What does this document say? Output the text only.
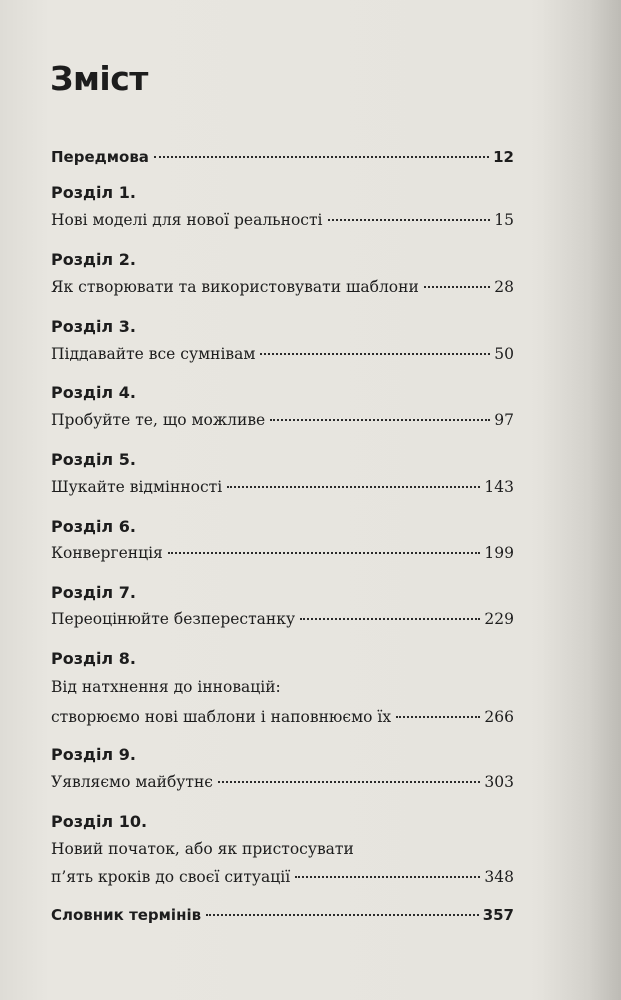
Зміст
Передмова	12
Розділ 1.
Нові моделі для нової реальності	15
Розділ 2.
Як створювати та використовувати шаблони	28
Розділ 3.
Піддавайте все сумнівам	50
Розділ 4.
Пробуйте те, що можливе	97
Розділ 5.
Шукайте відмінності	143
Розділ 6.
Конвергенція	199
Розділ 7.
Переоцінюйте безперестанку	229
Розділ 8.
Від натхнення до інновацій:
створюємо нові шаблони і наповнюємо їх	266
Розділ 9.
Уявляємо майбутнє	303
Розділ 10.
Новий початок, або як пристосувати
п’ять кроків до своєї ситуації	348
Словник термінів	357
